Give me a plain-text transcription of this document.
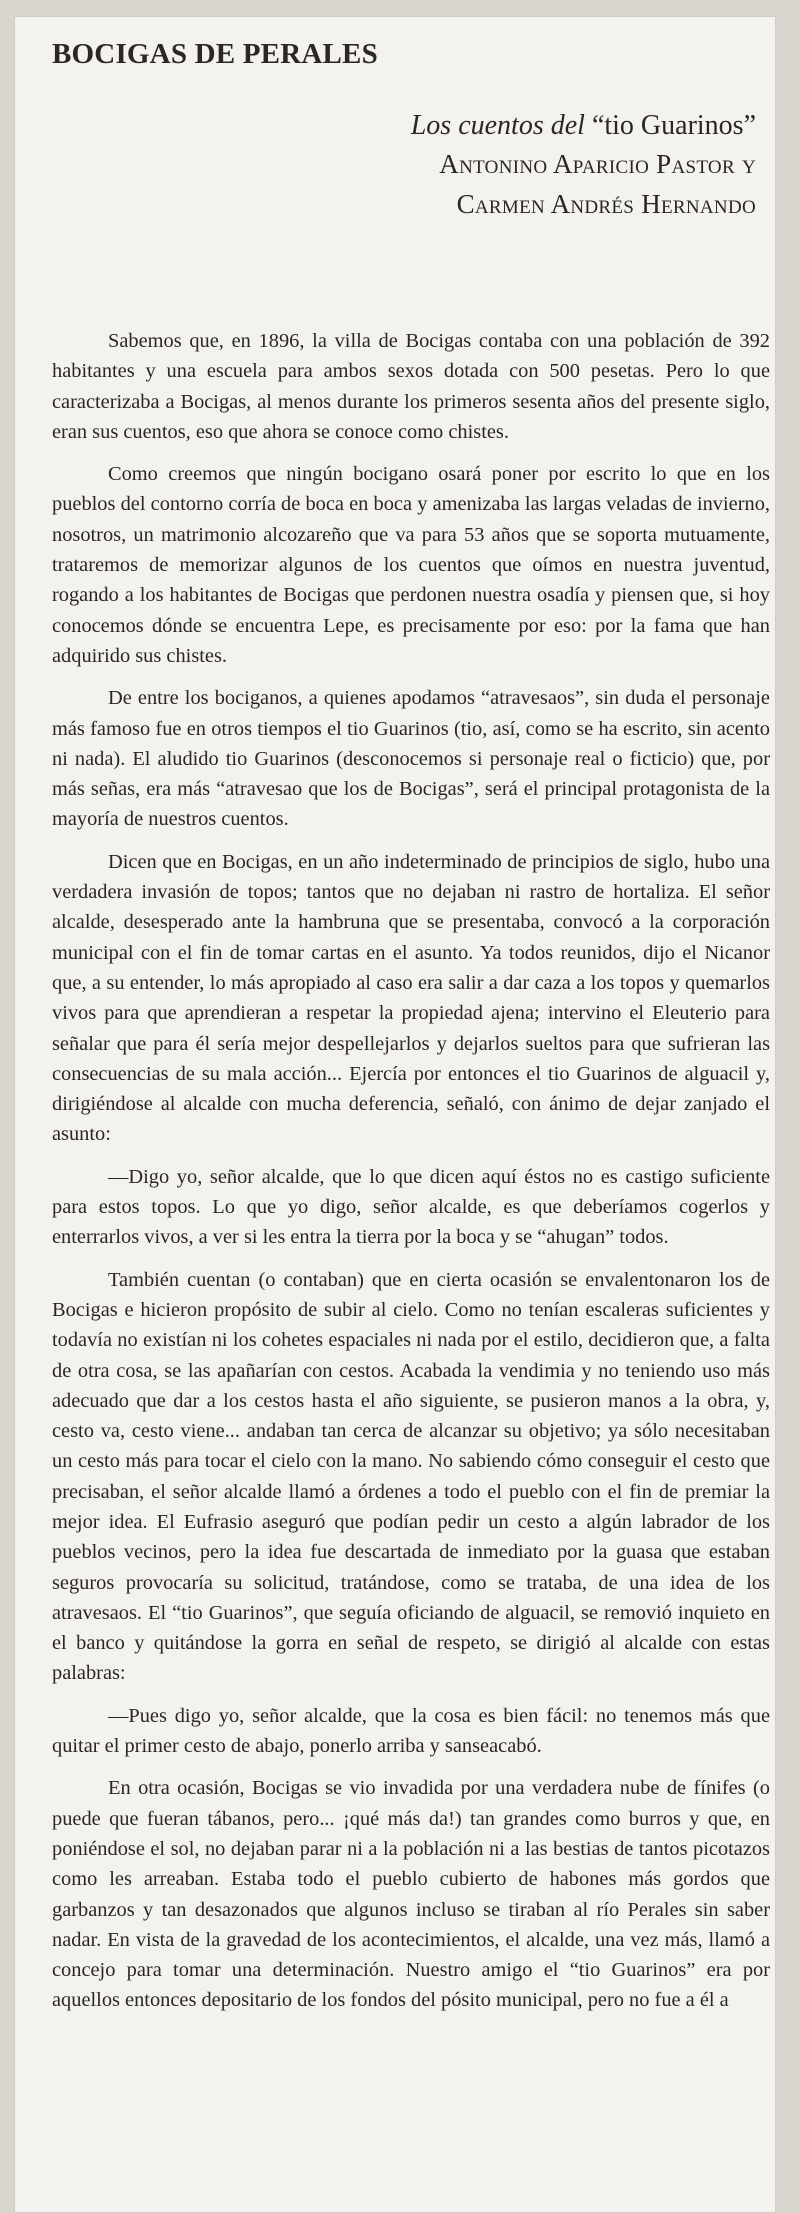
BOCIGAS DE PERALES
Los cuentos del “tio Guarinos”
Antonino Aparicio Pastor y
Carmen Andrés Hernando

Sabemos que, en 1896, la villa de Bocigas contaba con una población de 392 habitantes y una escuela para ambos sexos dotada con 500 pesetas. Pero lo que caracterizaba a Bocigas, al menos durante los primeros sesenta años del presente siglo, eran sus cuentos, eso que ahora se conoce como chistes.

Como creemos que ningún bocigano osará poner por escrito lo que en los pueblos del contorno corría de boca en boca y amenizaba las largas veladas de invierno, nosotros, un matrimonio alcozareño que va para 53 años que se soporta mutuamente, trataremos de memorizar algunos de los cuentos que oímos en nuestra juventud, rogando a los habitantes de Bocigas que perdonen nuestra osadía y piensen que, si hoy conocemos dónde se encuentra Lepe, es precisamente por eso: por la fama que han adquirido sus chistes.

De entre los bociganos, a quienes apodamos “atravesaos”, sin duda el personaje más famoso fue en otros tiempos el tio Guarinos (tio, así, como se ha escrito, sin acento ni nada). El aludido tio Guarinos (desconocemos si personaje real o ficticio) que, por más señas, era más “atravesao que los de Bocigas”, será el principal protagonista de la mayoría de nuestros cuentos.

Dicen que en Bocigas, en un año indeterminado de principios de siglo, hubo una verdadera invasión de topos; tantos que no dejaban ni rastro de hortaliza. El señor alcalde, desesperado ante la hambruna que se presentaba, convocó a la corporación municipal con el fin de tomar cartas en el asunto. Ya todos reunidos, dijo el Nicanor que, a su entender, lo más apropiado al caso era salir a dar caza a los topos y quemarlos vivos para que aprendieran a respetar la propiedad ajena; intervino el Eleuterio para señalar que para él sería mejor despellejarlos y dejarlos sueltos para que sufrieran las consecuencias de su mala acción... Ejercía por entonces el tio Guarinos de alguacil y, dirigiéndose al alcalde con mucha deferencia, señaló, con ánimo de dejar zanjado el asunto:

—Digo yo, señor alcalde, que lo que dicen aquí éstos no es castigo suficiente para estos topos. Lo que yo digo, señor alcalde, es que deberíamos cogerlos y enterrarlos vivos, a ver si les entra la tierra por la boca y se “ahugan” todos.

También cuentan (o contaban) que en cierta ocasión se envalentonaron los de Bocigas e hicieron propósito de subir al cielo. Como no tenían escaleras suficientes y todavía no existían ni los cohetes espaciales ni nada por el estilo, decidieron que, a falta de otra cosa, se las apañarían con cestos. Acabada la vendimia y no teniendo uso más adecuado que dar a los cestos hasta el año siguiente, se pusieron manos a la obra, y, cesto va, cesto viene... andaban tan cerca de alcanzar su objetivo; ya sólo necesitaban un cesto más para tocar el cielo con la mano. No sabiendo cómo conseguir el cesto que precisaban, el señor alcalde llamó a órdenes a todo el pueblo con el fin de premiar la mejor idea. El Eufrasio aseguró que podían pedir un cesto a algún labrador de los pueblos vecinos, pero la idea fue descartada de inmediato por la guasa que estaban seguros provocaría su solicitud, tratándose, como se trataba, de una idea de los atravesaos. El “tio Guarinos”, que seguía oficiando de alguacil, se removió inquieto en el banco y quitándose la gorra en señal de respeto, se dirigió al alcalde con estas palabras:

—Pues digo yo, señor alcalde, que la cosa es bien fácil: no tenemos más que quitar el primer cesto de abajo, ponerlo arriba y sanseacabó.

En otra ocasión, Bocigas se vio invadida por una verdadera nube de fínifes (o puede que fueran tábanos, pero... ¡qué más da!) tan grandes como burros y que, en poniéndose el sol, no dejaban parar ni a la población ni a las bestias de tantos picotazos como les arreaban. Estaba todo el pueblo cubierto de habones más gordos que garbanzos y tan desazonados que algunos incluso se tiraban al río Perales sin saber nadar. En vista de la gravedad de los acontecimientos, el alcalde, una vez más, llamó a concejo para tomar una determinación. Nuestro amigo el “tio Guarinos” era por aquellos entonces depositario de los fondos del pósito municipal, pero no fue a él a
